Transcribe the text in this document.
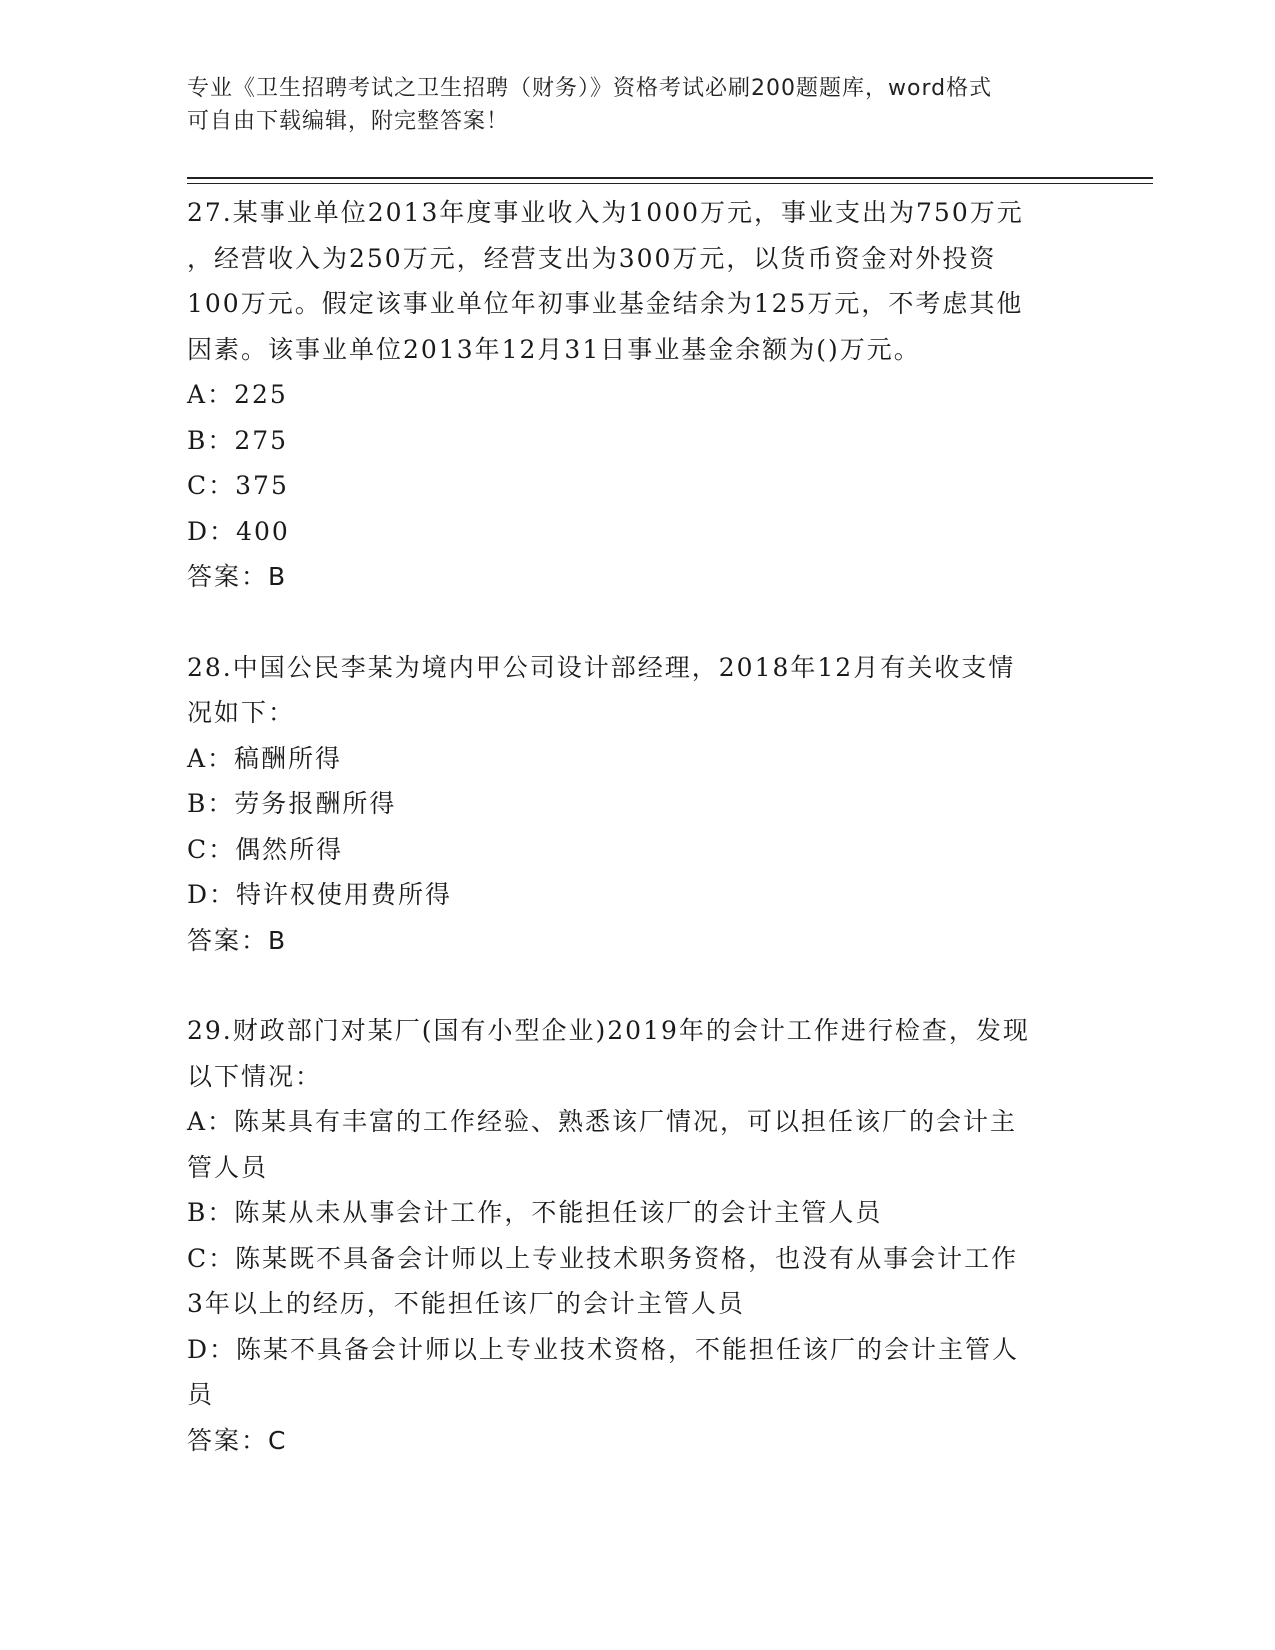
专业《卫生招聘考试之卫生招聘（财务）》资格考试必刷200题题库，word格式
可自由下载编辑，附完整答案！
27.某事业单位2013年度事业收入为1000万元，事业支出为750万元
，经营收入为250万元，经营支出为300万元，以货币资金对外投资
100万元。假定该事业单位年初事业基金结余为125万元，不考虑其他
因素。该事业单位2013年12月31日事业基金余额为()万元。
A：225
B：275
C：375
D：400
答案：B
28.中国公民李某为境内甲公司设计部经理，2018年12月有关收支情
况如下：
A：稿酬所得
B：劳务报酬所得
C：偶然所得
D：特许权使用费所得
答案：B
29.财政部门对某厂(国有小型企业)2019年的会计工作进行检查，发现
以下情况：
A：陈某具有丰富的工作经验、熟悉该厂情况，可以担任该厂的会计主
管人员
B：陈某从未从事会计工作，不能担任该厂的会计主管人员
C：陈某既不具备会计师以上专业技术职务资格，也没有从事会计工作
3年以上的经历，不能担任该厂的会计主管人员
D：陈某不具备会计师以上专业技术资格，不能担任该厂的会计主管人
员
答案：C
